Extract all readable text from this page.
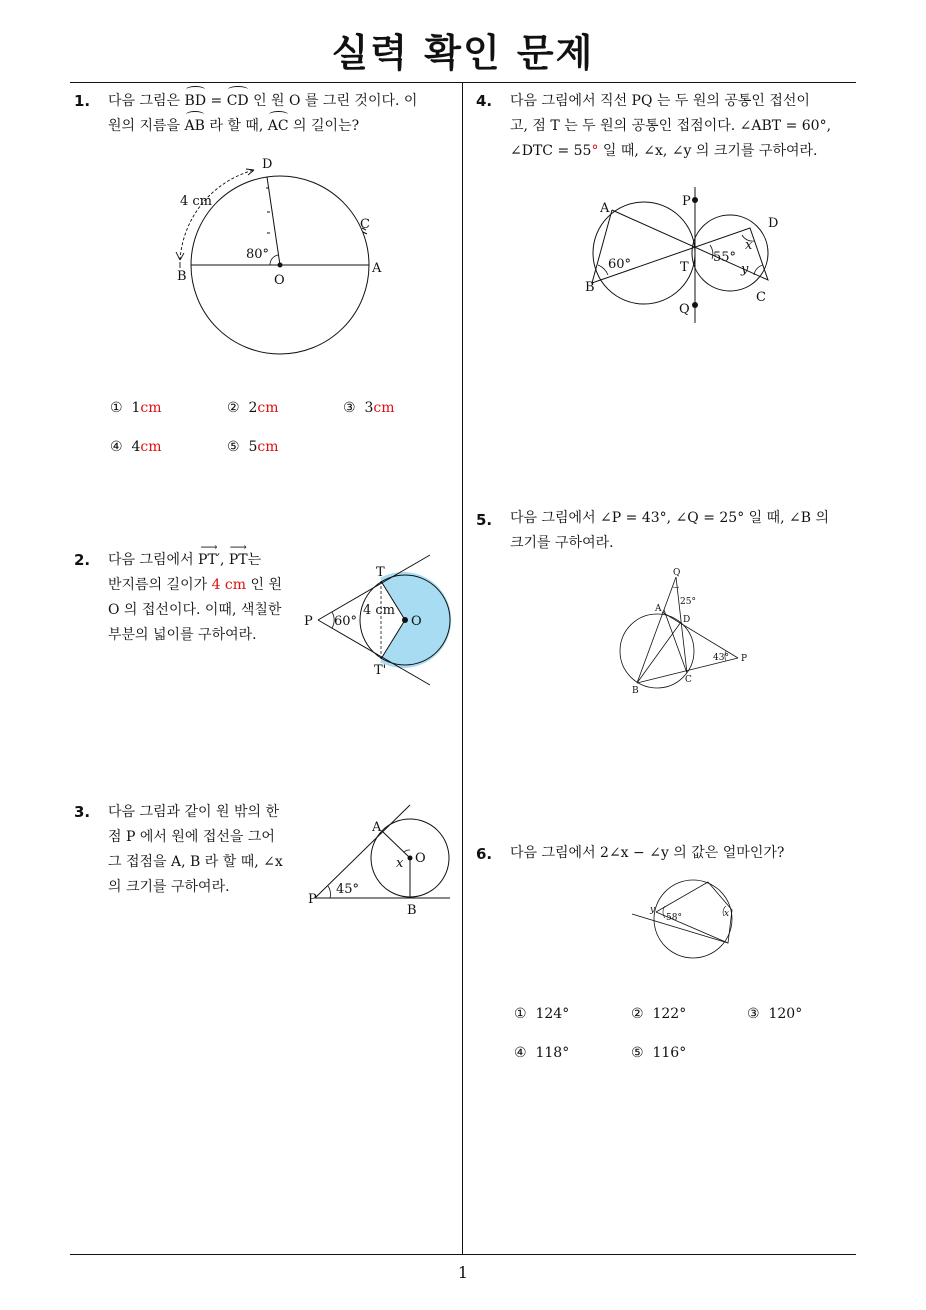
실력 확인 문제
1. 다음 그림은 BD = CD 인 원 O 를 그린 것이다. 이
원의 지름을 AB 라 할 때, AC 의 길이는?
D
C
B
A
O
4 cm
80°
① 1cm	② 2cm	③ 3cm
④ 4cm	⑤ 5cm
2. 다음 그림에서 ⟶ PT′, ⟶ PT는
반지름의 길이가 4 cm 인 원
O 의 접선이다. 이때, 색칠한
부분의 넓이를 구하여라.
T
T'
P	O
4 cm
60°
3. 다음 그림과 같이 원 밖의 한
점 P 에서 원에 접선을 그어
그 접점을 A, B 라 할 때, ∠x
의 크기를 구하여라.
A
O
P
B
x
45°
4. 다음 그림에서 직선 PQ 는 두 원의 공통인 접선이
고, 점 T 는 두 원의 공통인 접점이다. ∠ABT = 60°,
∠DTC = 55° 일 때, ∠x, ∠y 의 크기를 구하여라.
A	P
D
B
T
C
Q
60°	55°
x
y
5. 다음 그림에서 ∠P = 43°, ∠Q = 25° 일 때, ∠B 의
크기를 구하여라.
Q
A
D
P
B
C
25°
43°
6. 다음 그림에서 2∠x − ∠y 의 값은 얼마인가?
y	x
58°
① 124°	② 122°	③ 120°
④ 118°	⑤ 116°
1
